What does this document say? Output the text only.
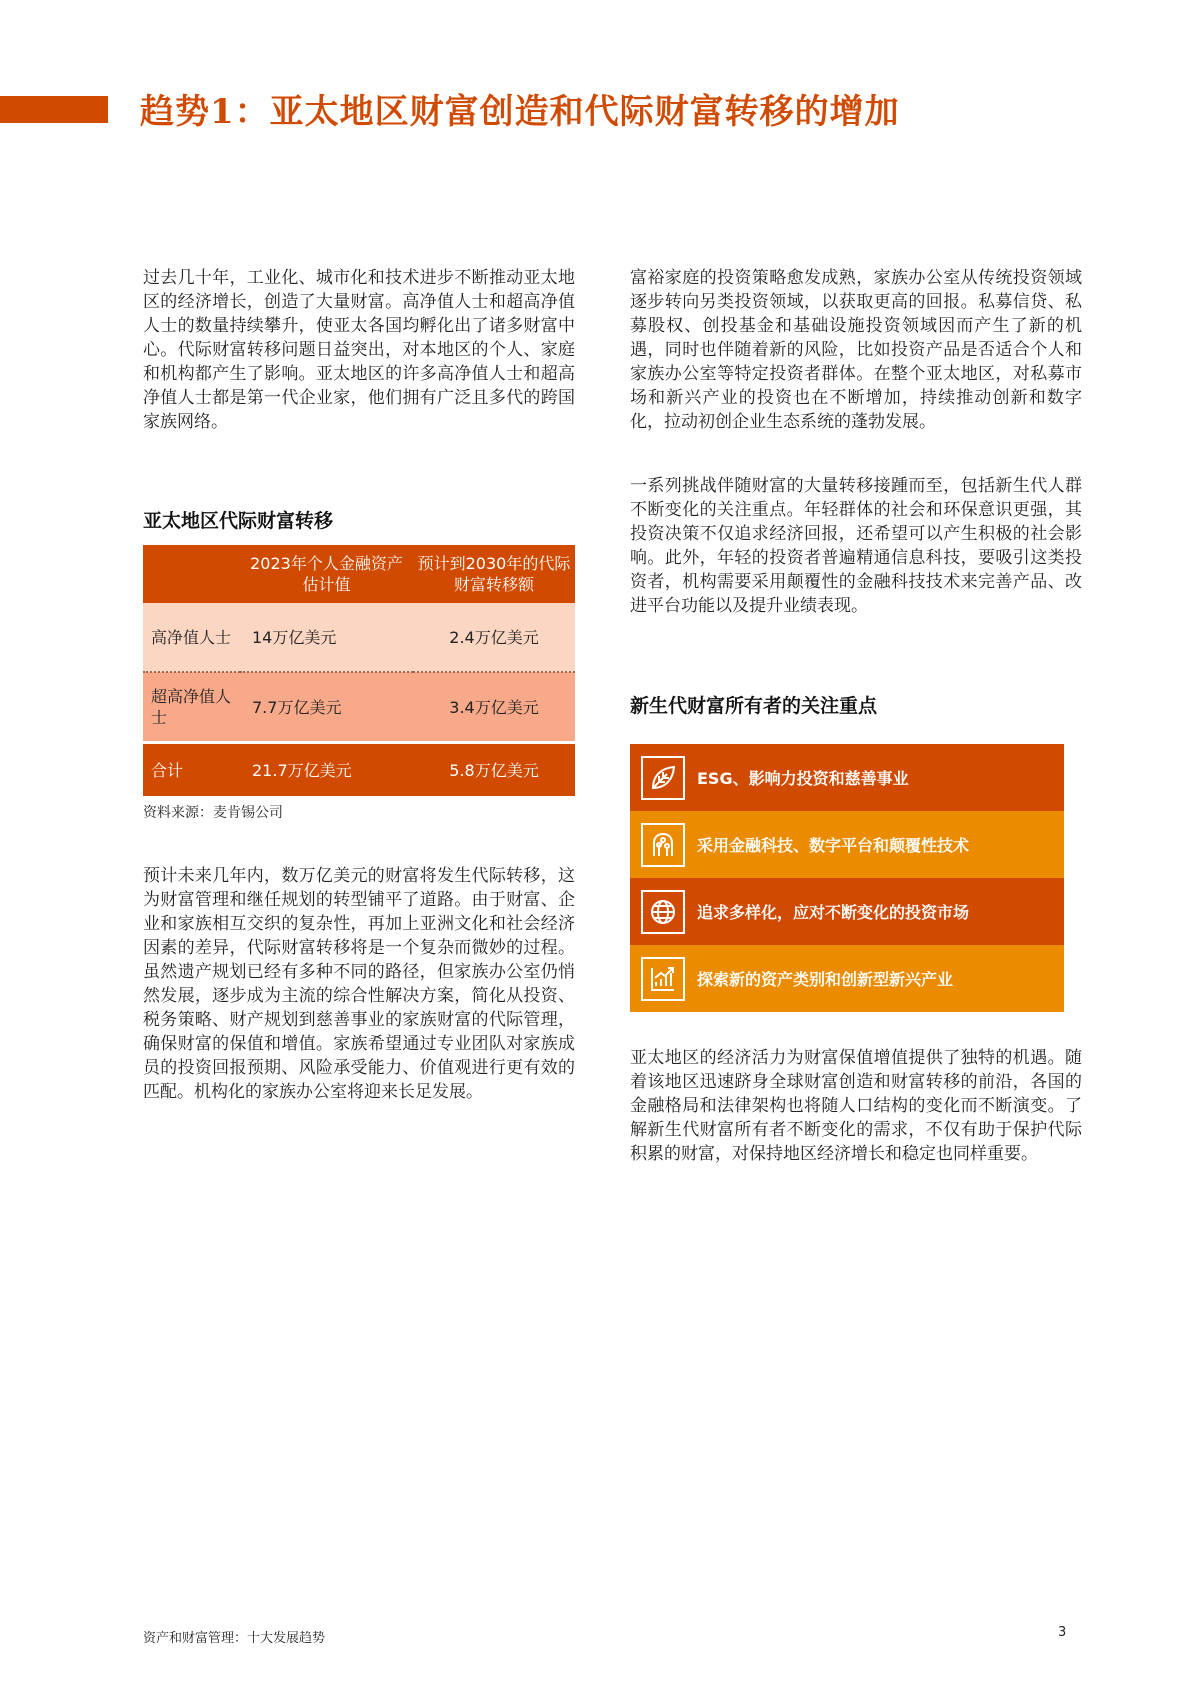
趋势1：亚太地区财富创造和代际财富转移的增加

过去几十年，工业化、城市化和技术进步不断推动亚太地区的经济增长，创造了大量财富。高净值人士和超高净值人士的数量持续攀升，使亚太各国均孵化出了诸多财富中心。代际财富转移问题日益突出，对本地区的个人、家庭和机构都产生了影响。亚太地区的许多高净值人士和超高净值人士都是第一代企业家，他们拥有广泛且多代的跨国家族网络。

亚太地区代际财富转移
	2023年个人金融资产估计值	预计到2030年的代际财富转移额
高净值人士	14万亿美元	2.4万亿美元
超高净值人士	7.7万亿美元	3.4万亿美元
合计	21.7万亿美元	5.8万亿美元

资料来源：麦肯锡公司

预计未来几年内，数万亿美元的财富将发生代际转移，这为财富管理和继任规划的转型铺平了道路。由于财富、企业和家族相互交织的复杂性，再加上亚洲文化和社会经济因素的差异，代际财富转移将是一个复杂而微妙的过程。虽然遗产规划已经有多种不同的路径，但家族办公室仍悄然发展，逐步成为主流的综合性解决方案，简化从投资、税务策略、财产规划到慈善事业的家族财富的代际管理，确保财富的保值和增值。家族希望通过专业团队对家族成员的投资回报预期、风险承受能力、价值观进行更有效的匹配。机构化的家族办公室将迎来长足发展。

富裕家庭的投资策略愈发成熟，家族办公室从传统投资领域逐步转向另类投资领域，以获取更高的回报。私募信贷、私募股权、创投基金和基础设施投资领域因而产生了新的机遇，同时也伴随着新的风险，比如投资产品是否适合个人和家族办公室等特定投资者群体。在整个亚太地区，对私募市场和新兴产业的投资也在不断增加，持续推动创新和数字化，拉动初创企业生态系统的蓬勃发展。

一系列挑战伴随财富的大量转移接踵而至，包括新生代人群不断变化的关注重点。年轻群体的社会和环保意识更强，其投资决策不仅追求经济回报，还希望可以产生积极的社会影响。此外，年轻的投资者普遍精通信息科技，要吸引这类投资者，机构需要采用颠覆性的金融科技技术来完善产品、改进平台功能以及提升业绩表现。

新生代财富所有者的关注重点
ESG、影响力投资和慈善事业
采用金融科技、数字平台和颠覆性技术
追求多样化，应对不断变化的投资市场
探索新的资产类别和创新型新兴产业

亚太地区的经济活力为财富保值增值提供了独特的机遇。随着该地区迅速跻身全球财富创造和财富转移的前沿，各国的金融格局和法律架构也将随人口结构的变化而不断演变。了解新生代财富所有者不断变化的需求，不仅有助于保护代际积累的财富，对保持地区经济增长和稳定也同样重要。

资产和财富管理：十大发展趋势	3
